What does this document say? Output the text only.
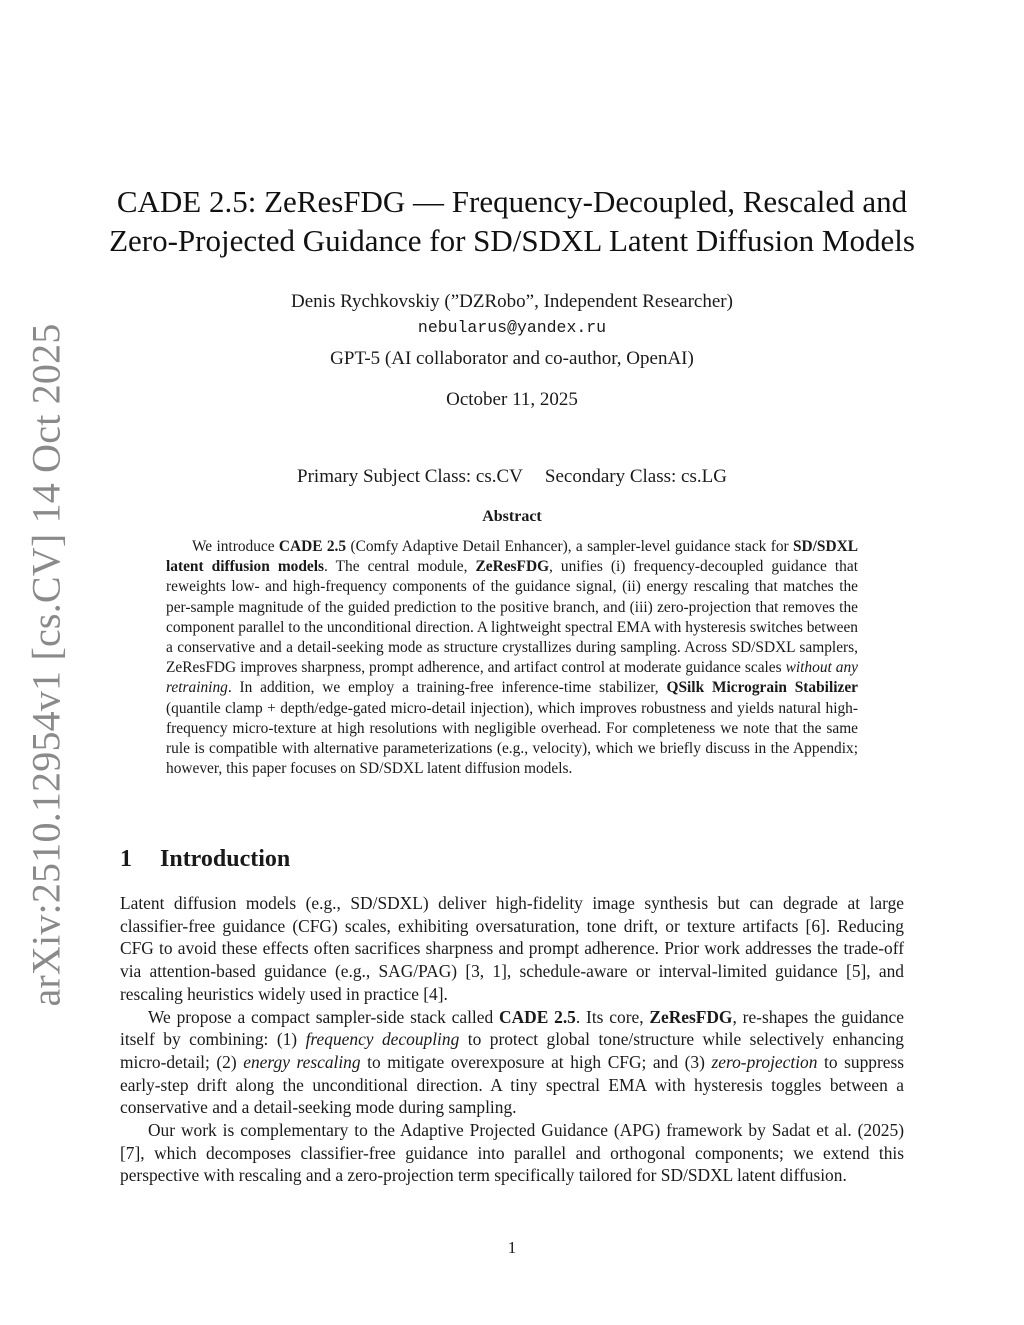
arXiv:2510.12954v1 [cs.CV] 14 Oct 2025
CADE 2.5: ZeResFDG — Frequency-Decoupled, Rescaled and
Zero-Projected Guidance for SD/SDXL Latent Diffusion Models
Denis Rychkovskiy (”DZRobo”, Independent Researcher)
nebularus@yandex.ru
GPT-5 (AI collaborator and co-author, OpenAI)
October 11, 2025
Primary Subject Class: cs.CV Secondary Class: cs.LG
Abstract

We introduce CADE 2.5 (Comfy Adaptive Detail Enhancer), a sampler-level guidance stack for SD/SDXL latent diffusion models. The central module, ZeResFDG, unifies (i) frequency-decoupled guidance that reweights low- and high-frequency components of the guidance signal, (ii) energy rescaling that matches the per-sample magnitude of the guided prediction to the positive branch, and (iii) zero-projection that removes the component parallel to the unconditional direction. A lightweight spectral EMA with hysteresis switches between a conservative and a detail-seeking mode as structure crystallizes during sampling. Across SD/SDXL samplers, ZeResFDG improves sharpness, prompt adherence, and artifact control at moderate guidance scales without any retraining. In addition, we employ a training-free inference-time stabilizer, QSilk Micrograin Stabilizer (quantile clamp + depth/edge-gated micro-detail injection), which improves robustness and yields natural high-frequency micro-texture at high resolutions with negligible overhead. For completeness we note that the same rule is compatible with alternative parameterizations (e.g., velocity), which we briefly discuss in the Appendix; however, this paper focuses on SD/SDXL latent diffusion models.

1 Introduction

Latent diffusion models (e.g., SD/SDXL) deliver high-fidelity image synthesis but can degrade at large classifier-free guidance (CFG) scales, exhibiting oversaturation, tone drift, or texture artifacts [6]. Reducing CFG to avoid these effects often sacrifices sharpness and prompt adherence. Prior work addresses the trade-off via attention-based guidance (e.g., SAG/PAG) [3, 1], schedule-aware or interval-limited guidance [5], and rescaling heuristics widely used in practice [4].

We propose a compact sampler-side stack called CADE 2.5. Its core, ZeResFDG, re-shapes the guidance itself by combining: (1) frequency decoupling to protect global tone/structure while selectively enhancing micro-detail; (2) energy rescaling to mitigate overexposure at high CFG; and (3) zero-projection to suppress early-step drift along the unconditional direction. A tiny spectral EMA with hysteresis toggles between a conservative and a detail-seeking mode during sampling.

Our work is complementary to the Adaptive Projected Guidance (APG) framework by Sadat et al. (2025) [7], which decomposes classifier-free guidance into parallel and orthogonal components; we extend this perspective with rescaling and a zero-projection term specifically tailored for SD/SDXL latent diffusion.

1
